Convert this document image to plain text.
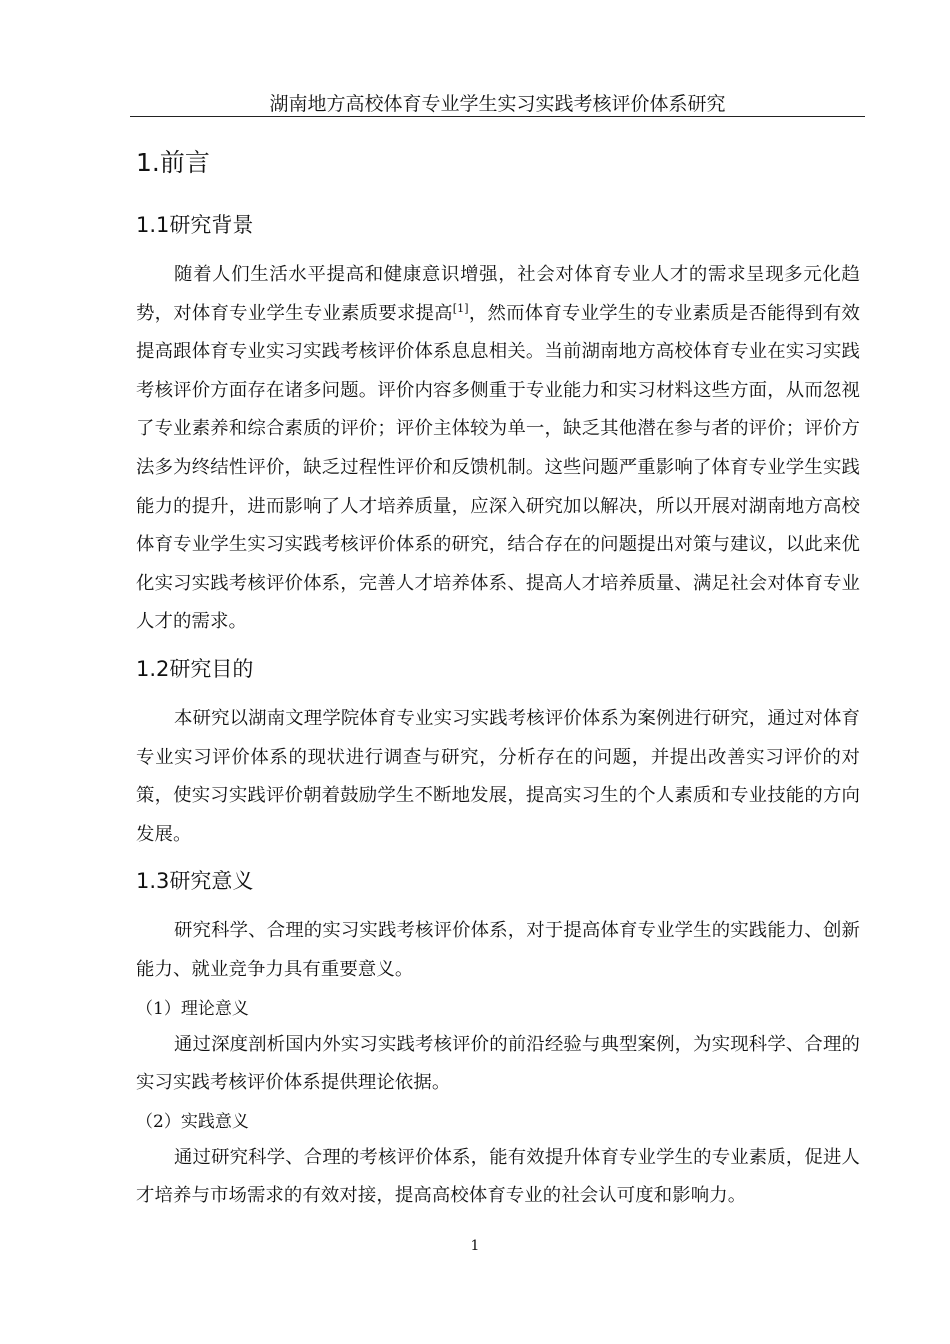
湖南地方高校体育专业学生实习实践考核评价体系研究
1.前言
1.1研究背景

随着人们生活水平提高和健康意识增强，社会对体育专业人才的需求呈现多元化趋势，对体育专业学生专业素质要求提高[1]，然而体育专业学生的专业素质是否能得到有效提高跟体育专业实习实践考核评价体系息息相关。当前湖南地方高校体育专业在实习实践考核评价方面存在诸多问题。评价内容多侧重于专业能力和实习材料这些方面，从而忽视了专业素养和综合素质的评价；评价主体较为单一，缺乏其他潜在参与者的评价；评价方法多为终结性评价，缺乏过程性评价和反馈机制。这些问题严重影响了体育专业学生实践能力的提升，进而影响了人才培养质量，应深入研究加以解决，所以开展对湖南地方高校体育专业学生实习实践考核评价体系的研究，结合存在的问题提出对策与建议，以此来优化实习实践考核评价体系，完善人才培养体系、提高人才培养质量、满足社会对体育专业人才的需求。

1.2研究目的

本研究以湖南文理学院体育专业实习实践考核评价体系为案例进行研究，通过对体育专业实习评价体系的现状进行调查与研究，分析存在的问题，并提出改善实习评价的对策，使实习实践评价朝着鼓励学生不断地发展，提高实习生的个人素质和专业技能的方向发展。

1.3研究意义

研究科学、合理的实习实践考核评价体系，对于提高体育专业学生的实践能力、创新能力、就业竞争力具有重要意义。

（1）理论意义

通过深度剖析国内外实习实践考核评价的前沿经验与典型案例，为实现科学、合理的实习实践考核评价体系提供理论依据。

（2）实践意义

通过研究科学、合理的考核评价体系，能有效提升体育专业学生的专业素质，促进人才培养与市场需求的有效对接，提高高校体育专业的社会认可度和影响力。

1
